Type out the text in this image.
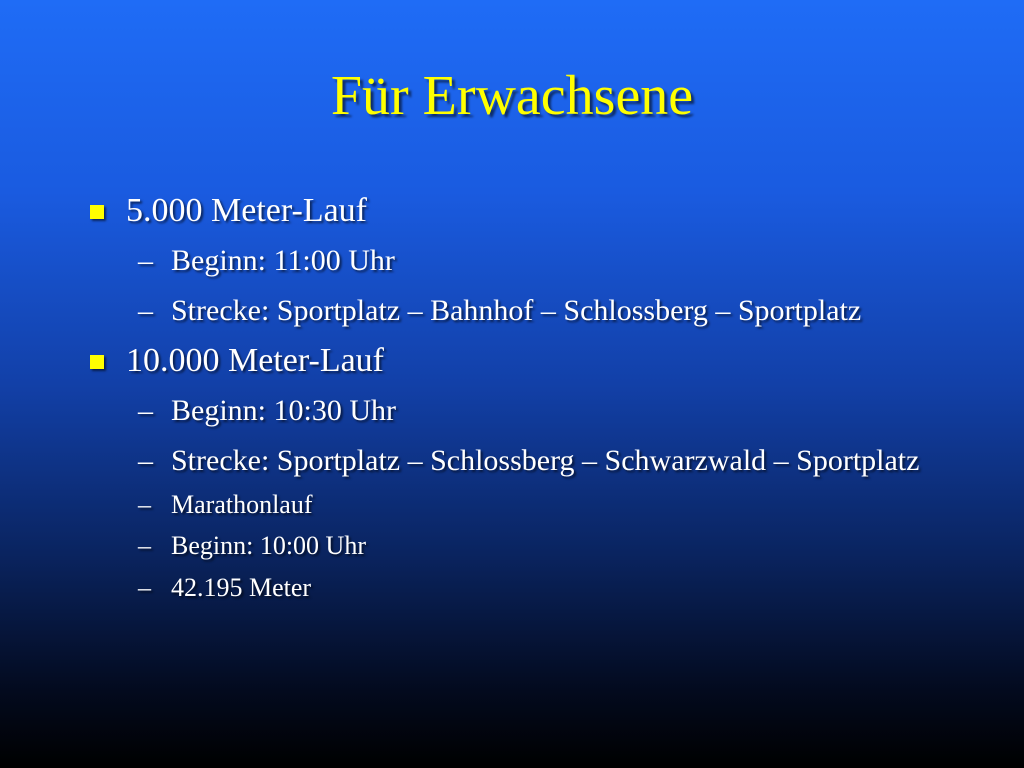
Für Erwachsene
5.000 Meter-Lauf
– Beginn: 11:00 Uhr
– Strecke: Sportplatz – Bahnhof – Schlossberg – Sportplatz
10.000 Meter-Lauf
– Beginn: 10:30 Uhr
– Strecke: Sportplatz – Schlossberg – Schwarzwald – Sportplatz
– Marathonlauf
– Beginn: 10:00 Uhr
– 42.195 Meter
